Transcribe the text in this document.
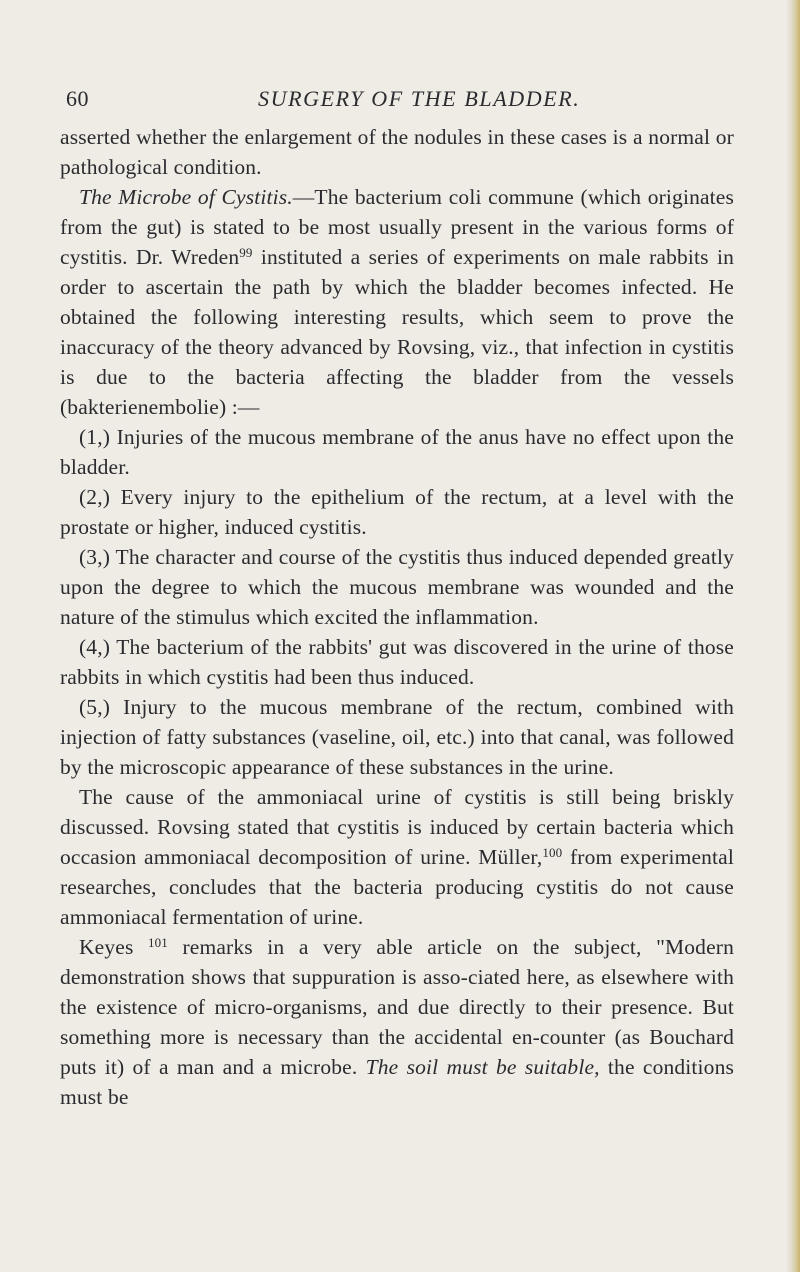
60	SURGERY OF THE BLADDER.

asserted whether the enlargement of the nodules in these cases is a normal or pathological condition.

The Microbe of Cystitis.—The bacterium coli commune (which originates from the gut) is stated to be most usually present in the various forms of cystitis. Dr. Wreden$^{99}$ instituted a series of experiments on male rabbits in order to ascertain the path by which the bladder becomes infected. He obtained the following interesting results, which seem to prove the inaccuracy of the theory advanced by Rovsing, viz., that infection in cystitis is due to the bacteria affecting the bladder from the vessels (bakterienembolie) :—

(1,) Injuries of the mucous membrane of the anus have no effect upon the bladder.

(2,) Every injury to the epithelium of the rectum, at a level with the prostate or higher, induced cystitis.

(3,) The character and course of the cystitis thus induced depended greatly upon the degree to which the mucous membrane was wounded and the nature of the stimulus which excited the inflammation.

(4,) The bacterium of the rabbits' gut was discovered in the urine of those rabbits in which cystitis had been thus induced.

(5,) Injury to the mucous membrane of the rectum, combined with injection of fatty substances (vaseline, oil, etc.) into that canal, was followed by the microscopic appearance of these substances in the urine.

The cause of the ammoniacal urine of cystitis is still being briskly discussed. Rovsing stated that cystitis is induced by certain bacteria which occasion ammoniacal decomposition of urine. Müller,$^{100}$ from experimental researches, concludes that the bacteria producing cystitis do not cause ammoniacal fermentation of urine.

Keyes $^{101}$ remarks in a very able article on the subject, "Modern demonstration shows that suppuration is asso-ciated here, as elsewhere with the existence of micro-organisms, and due directly to their presence. But something more is necessary than the accidental en-counter (as Bouchard puts it) of a man and a microbe. The soil must be suitable, the conditions must be
